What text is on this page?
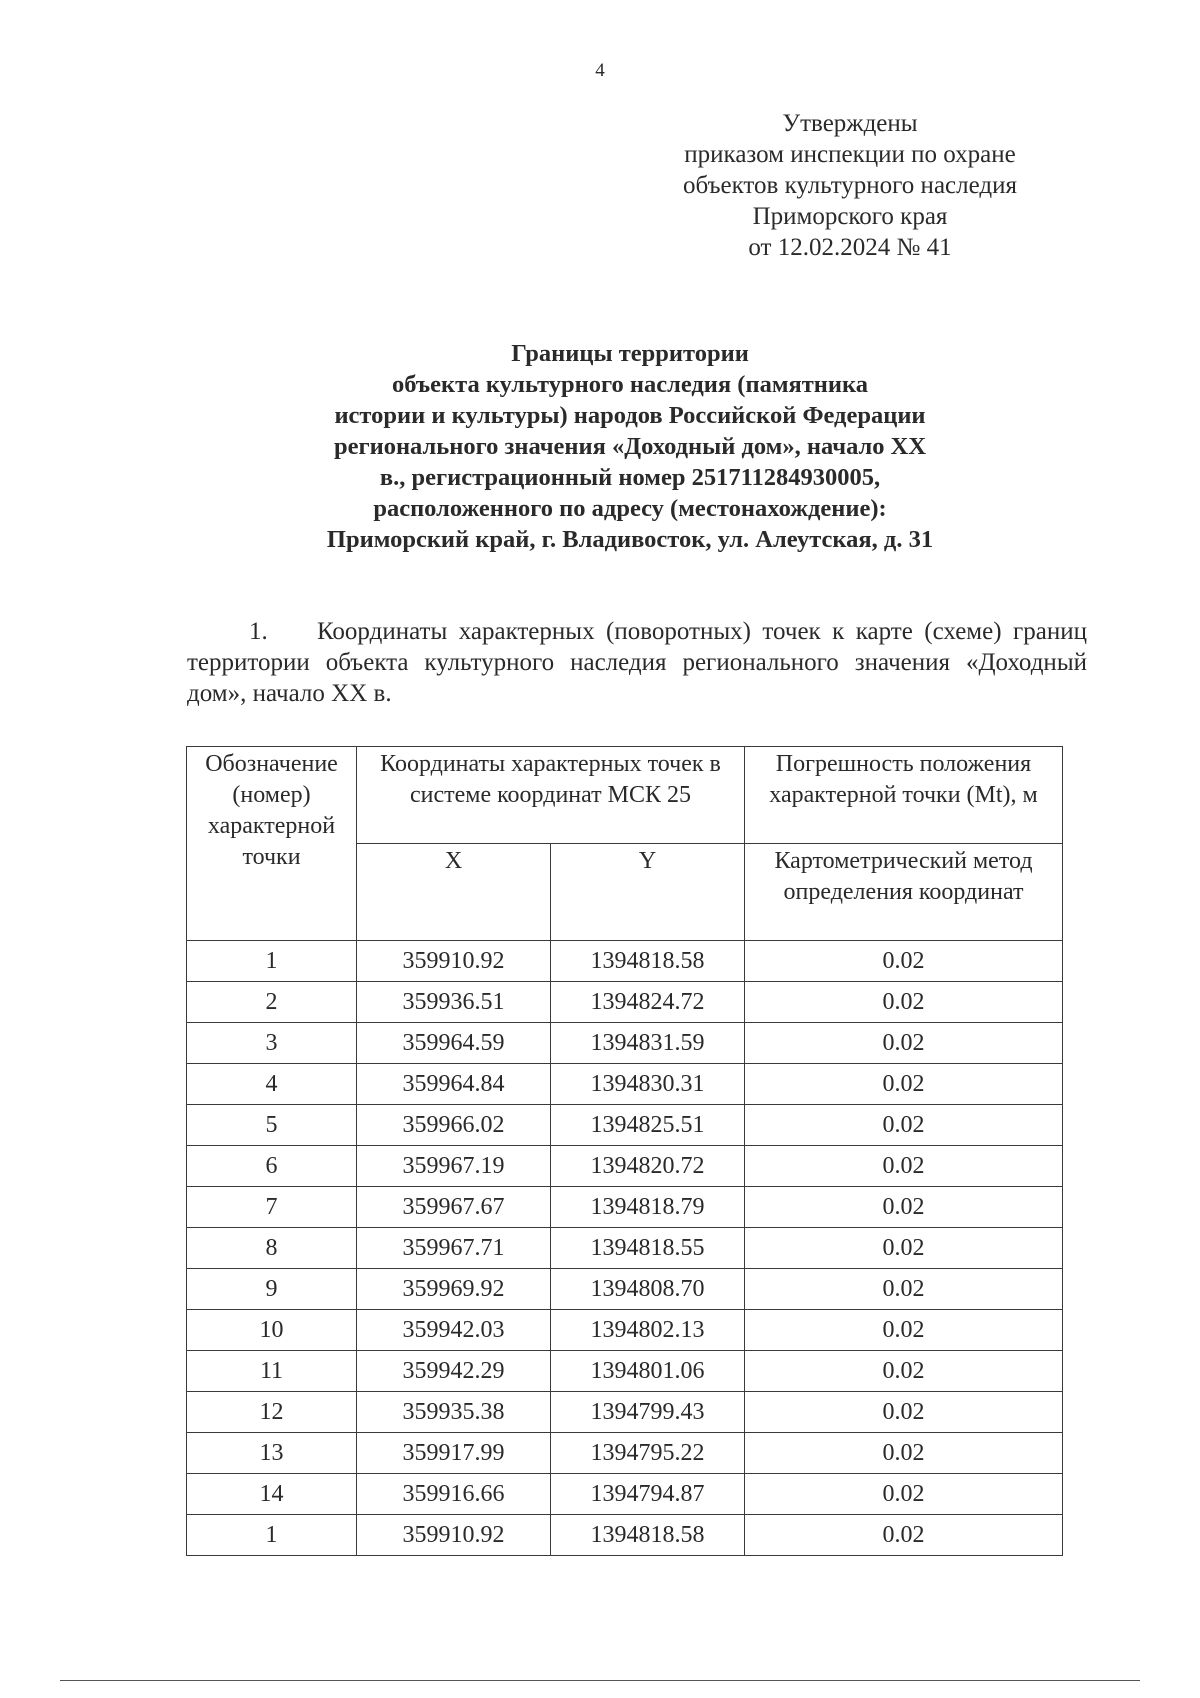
4
Утверждены
приказом инспекции по охране
объектов культурного наследия
Приморского края
от 12.02.2024 № 41
Границы территории
объекта культурного наследия (памятника
истории и культуры) народов Российской Федерации
регионального значения «Доходный дом», начало XX
в., регистрационный номер 251711284930005,
расположенного по адресу (местонахождение):
Приморский край, г. Владивосток, ул. Алеутская, д. 31
1. Координаты характерных (поворотных) точек к карте (схеме) границ территории объекта культурного наследия регионального значения «Доходный дом», начало XX в.
Обозначение (номер) характерной точки	Координаты характерных точек в системе координат МСК 25		Погрешность положения характерной точки (Mt), м
	X	Y	Картометрический метод определения координат
1	359910.92	1394818.58	0.02
2	359936.51	1394824.72	0.02
3	359964.59	1394831.59	0.02
4	359964.84	1394830.31	0.02
5	359966.02	1394825.51	0.02
6	359967.19	1394820.72	0.02
7	359967.67	1394818.79	0.02
8	359967.71	1394818.55	0.02
9	359969.92	1394808.70	0.02
10	359942.03	1394802.13	0.02
11	359942.29	1394801.06	0.02
12	359935.38	1394799.43	0.02
13	359917.99	1394795.22	0.02
14	359916.66	1394794.87	0.02
1	359910.92	1394818.58	0.02
